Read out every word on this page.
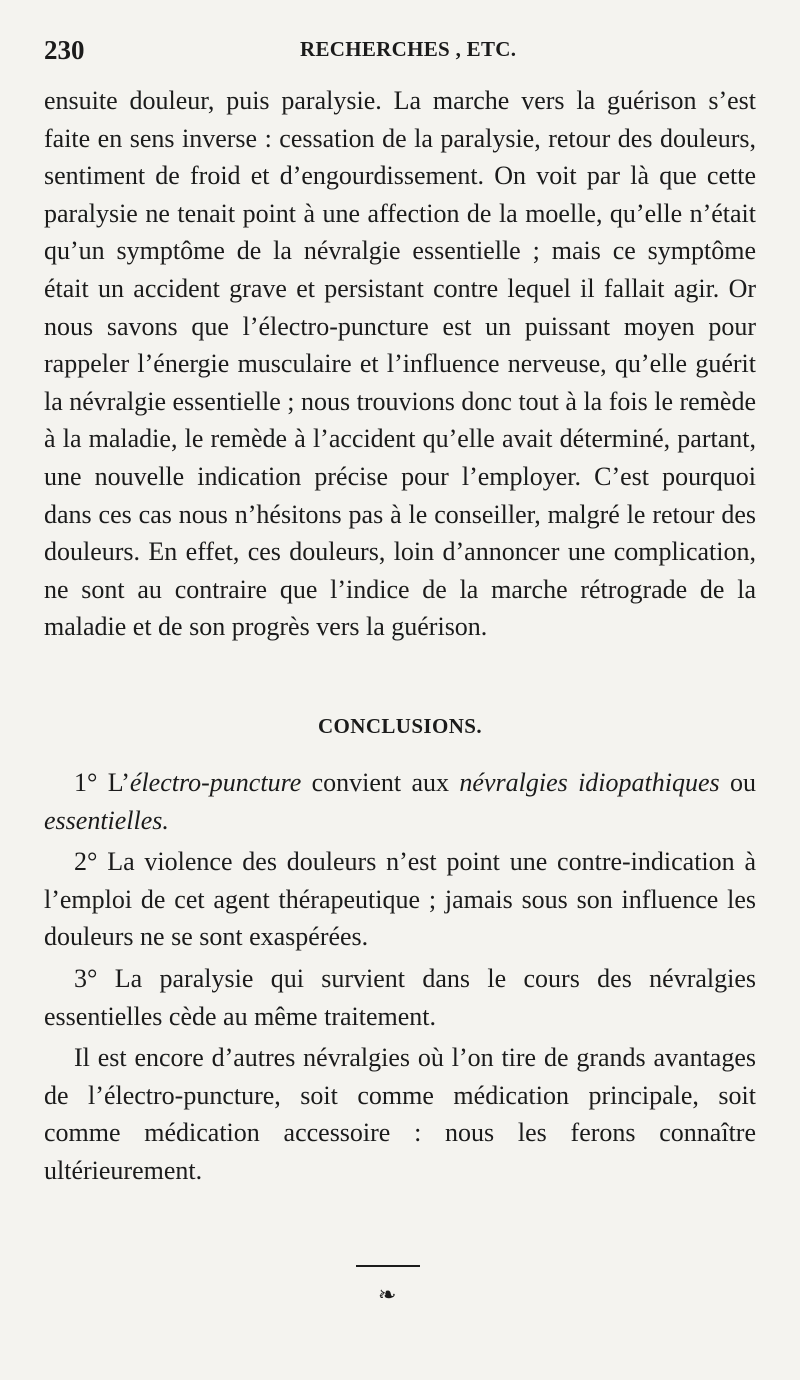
230	RECHERCHES , ETC.

ensuite douleur, puis paralysie. La marche vers la guérison s’est faite en sens inverse : cessation de la paralysie, retour des douleurs, sentiment de froid et d’engourdissement. On voit par là que cette paralysie ne tenait point à une affection de la moelle, qu’elle n’était qu’un symptôme de la névralgie essentielle ; mais ce symptôme était un accident grave et persistant contre lequel il fallait agir. Or nous savons que l’électro-puncture est un puissant moyen pour rappeler l’énergie musculaire et l’influence nerveuse, qu’elle guérit la névralgie essentielle ; nous trouvions donc tout à la fois le remède à la maladie, le remède à l’accident qu’elle avait déterminé, partant, une nouvelle indication précise pour l’employer. C’est pourquoi dans ces cas nous n’hésitons pas à le conseiller, malgré le retour des douleurs. En effet, ces douleurs, loin d’annoncer une complication, ne sont au contraire que l’indice de la marche rétrograde de la maladie et de son progrès vers la guérison.

CONCLUSIONS.

1° L’électro-puncture convient aux névralgies idiopathiques ou essentielles.

2° La violence des douleurs n’est point une contre-indication à l’emploi de cet agent thérapeutique ; jamais sous son influence les douleurs ne se sont exaspérées.

3° La paralysie qui survient dans le cours des névralgies essentielles cède au même traitement.

Il est encore d’autres névralgies où l’on tire de grands avantages de l’électro-puncture, soit comme médication principale, soit comme médication accessoire : nous les ferons connaître ultérieurement.

❧
